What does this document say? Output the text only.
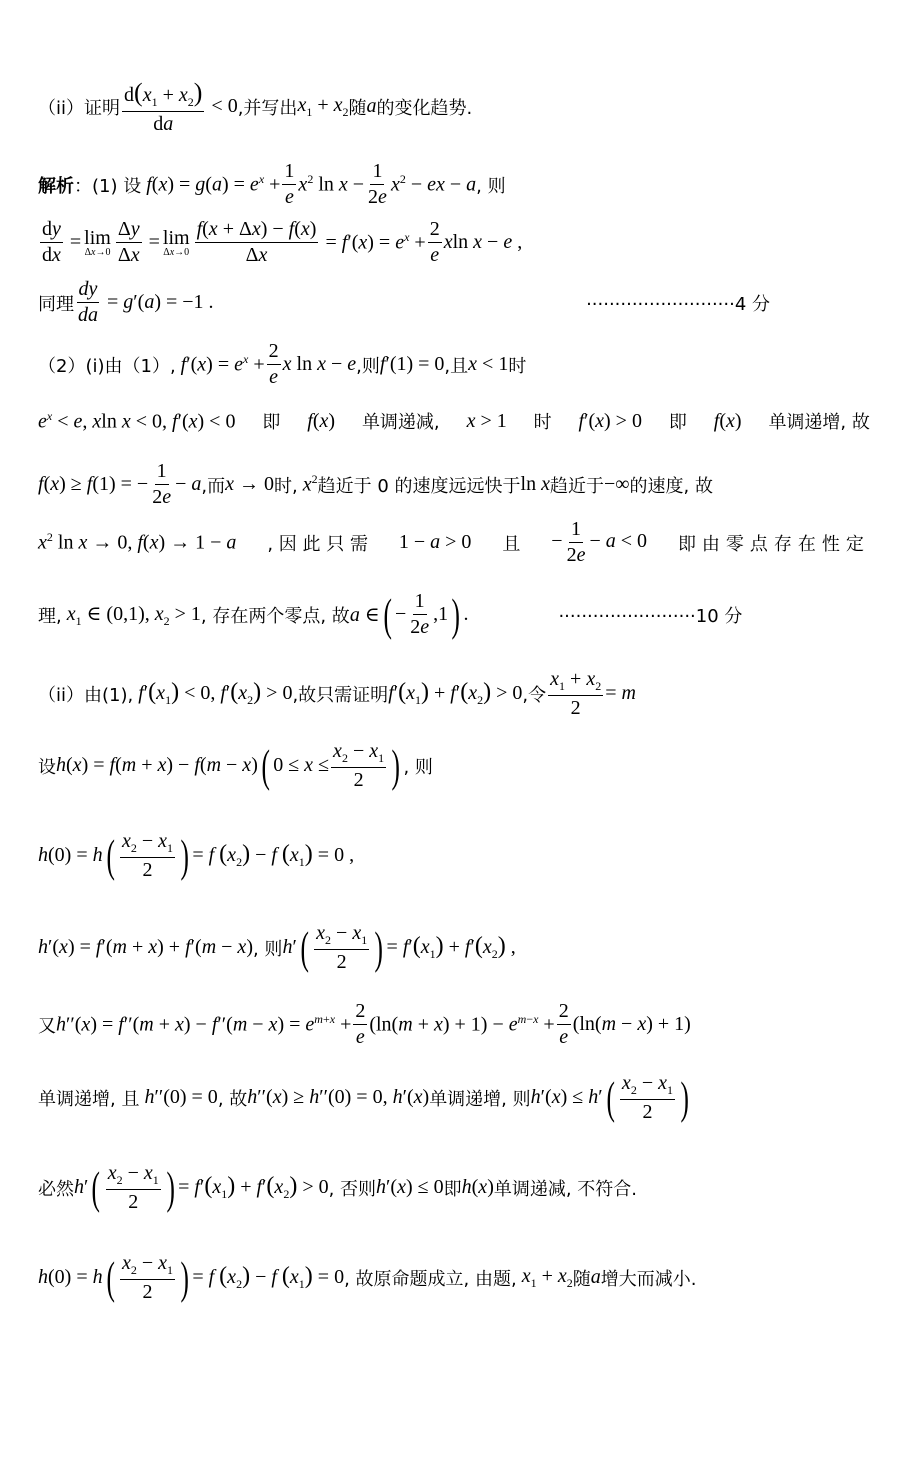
（ii）证明 $\frac{d(x_1 + x_2)}{da} < 0$ ,并写出 $x_1 + x_2$ 随 a 的变化趋势.
解析 ：(1) 设 $f(x) = g(a) = e^x + \frac{1}{e} x^2$ $\ln x - \frac{1}{2e} x^2$ − ex − a , 则
$\frac{dy}{dx} = \lim$
$\Delta x\to 0 \frac{\Delta y}{\Delta x} = \lim$
$\Delta x\to 0 \frac{f(x + \Delta x) - f(x)}{\Delta x} = f'(x) = e^x + \frac{2}{e}$ xln x − e ,
同理 $\frac{dy}{da} = g'(a) = -1$ .	··························4 分
（2）(i)由（1）, $f'(x) = e^x + \frac{2}{e}$ x ln x − e ,则 f′(1) = 0 ,且 x < 1 时
$e^x < e$, xln x < 0, f′(x) < 0 即 f(x) 单调递减, x > 1 时 f′(x) > 0 即 f(x) 单调递增, 故
f(x) ≥ f(1) = − $\frac{1}{2e} - a$ ,而 x → 0 时, $x^2$ 趋近于 0 的速度远远快于 ln x 趋近于 −∞ 的速度, 故
$x^2$ ln x → 0, f(x) → 1 − a , 因 此 只 需 1 − a > 0 且 − $\frac{1}{2e} - a < 0$ 即由零点存在性定
理, $x_1$ ∈ (0,1), $x_2 > 1$ , 存在两个零点, 故 a ∈ ( − $\frac{1}{2e} ,1$ ) .	························10 分
（ii）由(1), $f'(x_1) < 0$, $f'(x_2) > 0$ ,故只需证明 $f'(x_1) + f'(x_2) > 0$ ,令 $\frac{x_1 + x_2}{2} = m$
设 h(x) = f(m + x) − f(m − x) ( $0 \le x \le \frac{x_2 - x_1}{2}$ ) , 则
h(0) = h ( $\frac{x_2 - x_1}{2}$ ) = f $(x_2) - f$ $(x_1) = 0$ ,
h′(x) = f′(m + x) + f′(m − x) , 则 h′ ( $\frac{x_2 - x_1}{2}$ ) = $f'(x_1) + f'(x_2)$ ,
又 $h''(x) = f''(m + x) - f''(m - x) = e^{m+x} + \frac{2}{e} (\ln(m + x) + 1) - e^{m-x} + \frac{2}{e} (\ln(m - x) + 1)$
单调递增, 且 h′′(0) = 0 , 故 h′′(x) ≥ h′′(0) = 0, h′(x) 单调递增, 则 h′(x) ≤ h′ ( $\frac{x_2 - x_1}{2}$ )
必然 h′ ( $\frac{x_2 - x_1}{2}$ ) = $f'(x_1) + f'(x_2) > 0$ , 否则 h′(x) ≤ 0 即 h(x) 单调递减, 不符合.
h(0) = h ( $\frac{x_2 - x_1}{2}$ ) = f $(x_2) - f$ $(x_1) = 0$ , 故原命题成立, 由题, $x_1 + x_2$ 随 a 增大而减小.
